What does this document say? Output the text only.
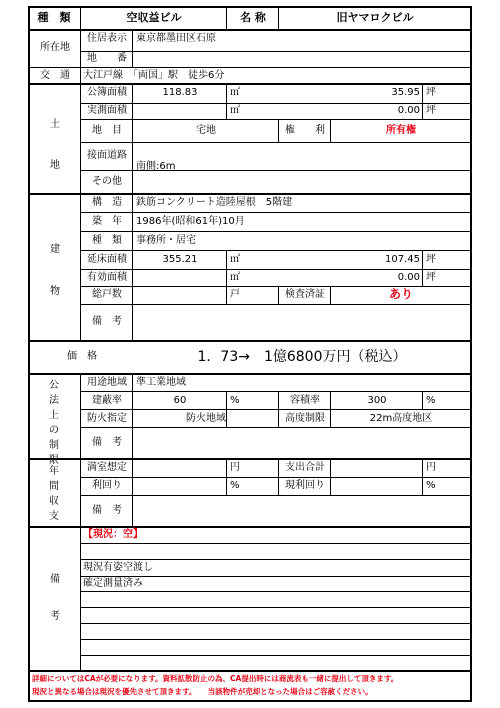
種　類	空収益ビル	名 称	旧ヤマロクビル
所在地
住居表示 東京都墨田区石原
地　　番
交　通	大江戸線　「両国」駅　徒歩6分
土
地
公簿面積	118.83	㎡	35.95 坪
実測面積	㎡	0.00 坪
地　目	宅地	権　　利	所有権
接面道路
南側:6m
その他
建
物
構　造	鉄筋コンクリート造陸屋根　5階建
築　年	1986年(昭和61年)10月
種　類	事務所・居宅
延床面積	355.21	㎡	107.45 坪
有効面積	㎡	0.00 坪
総戸数	戸	検査済証	あり
備　考
価　格	1．73→　1億6800万円（税込）
公法上の制限
用途地域 準工業地域
建蔽率	60	%	容積率	300	%
防火指定	防火地域	高度制限	22m高度地区
備　考
年間収支
満室想定	円	支出合計	円
利回り	%	現利回り	%
備　考
備
考
【現況：空】
現況有姿空渡し
確定測量済み
詳細についてはCAが必要になります。資料拡散防止の為、CA提出時には商流表も一緒に提出して頂きます。
現況と異なる場合は現況を優先させて頂きます。　　当該物件が売却となった場合はご容赦ください。
